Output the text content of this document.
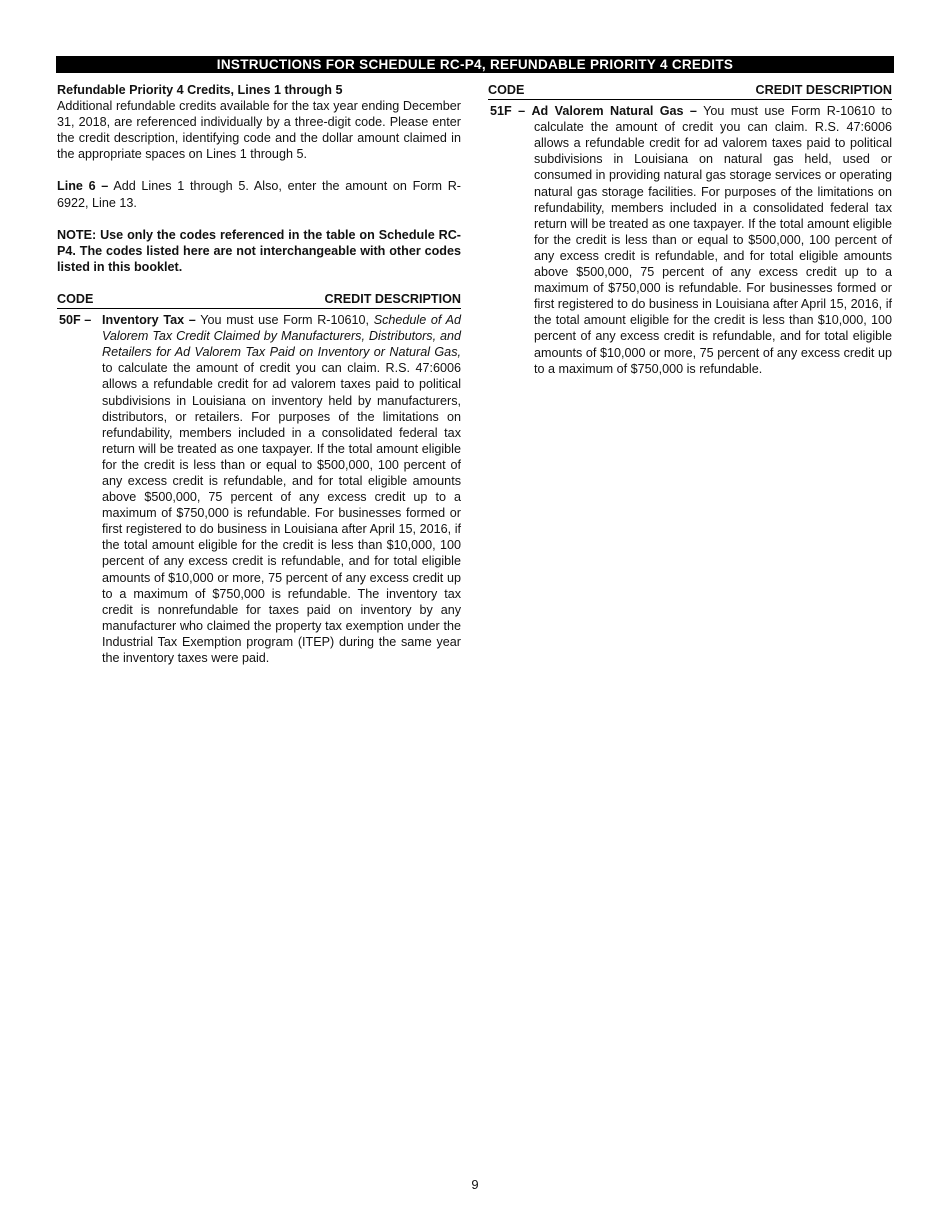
INSTRUCTIONS FOR SCHEDULE RC-P4, REFUNDABLE PRIORITY 4 CREDITS
Refundable Priority 4 Credits, Lines 1 through 5

Additional refundable credits available for the tax year ending December 31, 2018, are referenced individually by a three-digit code. Please enter the credit description, identifying code and the dollar amount claimed in the appropriate spaces on Lines 1 through 5.

Line 6 – Add Lines 1 through 5. Also, enter the amount on Form R-6922, Line 13.

NOTE: Use only the codes referenced in the table on Schedule RC-P4. The codes listed here are not interchangeable with other codes listed in this booklet.

CODE	CREDIT DESCRIPTION
50F – Inventory Tax – You must use Form R-10610, Schedule of Ad Valorem Tax Credit Claimed by Manufacturers, Distributors, and Retailers for Ad Valorem Tax Paid on Inventory or Natural Gas, to calculate the amount of credit you can claim. R.S. 47:6006 allows a refundable credit for ad valorem taxes paid to political subdivisions in Louisiana on inventory held by manufacturers, distributors, or retailers. For purposes of the limitations on refundability, members included in a consolidated federal tax return will be treated as one taxpayer. If the total amount eligible for the credit is less than or equal to $500,000, 100 percent of any excess credit is refundable, and for total eligible amounts above $500,000, 75 percent of any excess credit up to a maximum of $750,000 is refundable. For businesses formed or first registered to do business in Louisiana after April 15, 2016, if the total amount eligible for the credit is less than $10,000, 100 percent of any excess credit is refundable, and for total eligible amounts of $10,000 or more, 75 percent of any excess credit up to a maximum of $750,000 is refundable. The inventory tax credit is nonrefundable for taxes paid on inventory by any manufacturer who claimed the property tax exemption under the Industrial Tax Exemption program (ITEP) during the same year the inventory taxes were paid.
CODE	CREDIT DESCRIPTION
51F – Ad Valorem Natural Gas – You must use Form R-10610 to calculate the amount of credit you can claim. R.S. 47:6006 allows a refundable credit for ad valorem taxes paid to political subdivisions in Louisiana on natural gas held, used or consumed in providing natural gas storage services or operating natural gas storage facilities. For purposes of the limitations on refundability, members included in a consolidated federal tax return will be treated as one taxpayer. If the total amount eligible for the credit is less than or equal to $500,000, 100 percent of any excess credit is refundable, and for total eligible amounts above $500,000, 75 percent of any excess credit up to a maximum of $750,000 is refundable. For businesses formed or first registered to do business in Louisiana after April 15, 2016, if the total amount eligible for the credit is less than $10,000, 100 percent of any excess credit is refundable, and for total eligible amounts of $10,000 or more, 75 percent of any excess credit up to a maximum of $750,000 is refundable.
9
